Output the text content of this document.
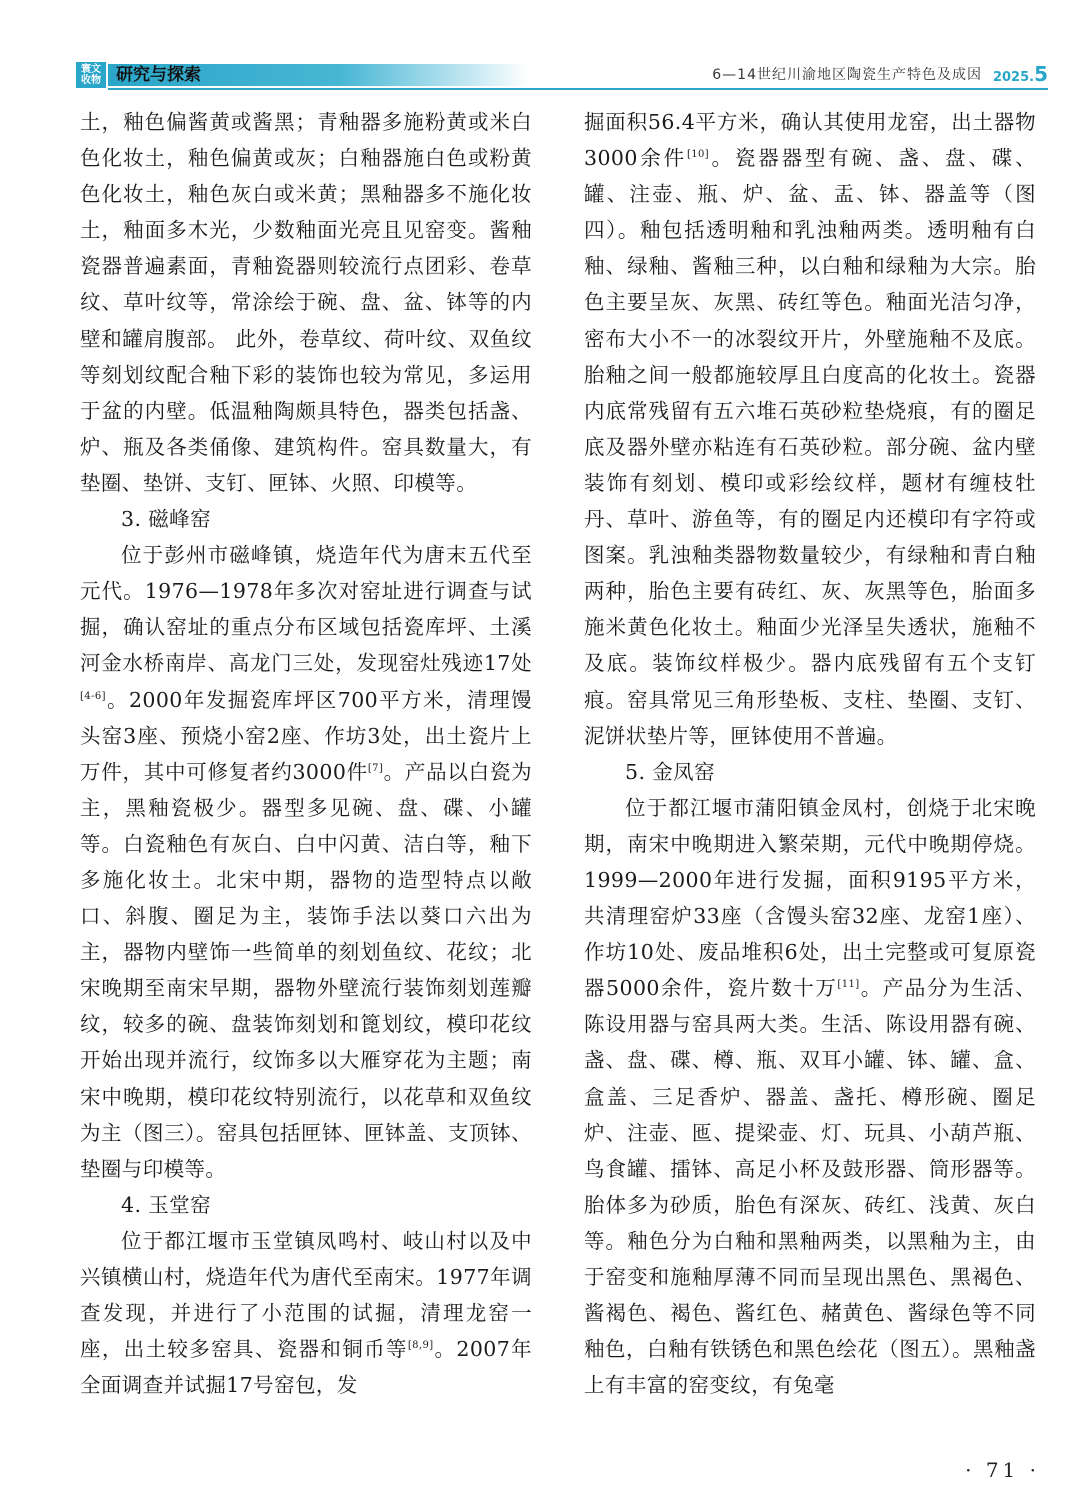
寰文
收物 研究与探索	6—14世纪川渝地区陶瓷生产特色及成因 2025.5

土，釉色偏酱黄或酱黑；青釉器多施粉黄或米白色化妆土，釉色偏黄或灰；白釉器施白色或粉黄色化妆土，釉色灰白或米黄；黑釉器多不施化妆土，釉面多木光，少数釉面光亮且见窑变。酱釉瓷器普遍素面，青釉瓷器则较流行点团彩、卷草纹、草叶纹等，常涂绘于碗、盘、盆、钵等的内壁和罐肩腹部。 此外，卷草纹、荷叶纹、双鱼纹等刻划纹配合釉下彩的装饰也较为常见，多运用于盆的内壁。低温釉陶颇具特色，器类包括盏、炉、瓶及各类俑像、建筑构件。窑具数量大，有垫圈、垫饼、支钉、匣钵、火照、印模等。

3. 磁峰窑

位于彭州市磁峰镇，烧造年代为唐末五代至元代。1976—1978年多次对窑址进行调查与试掘，确认窑址的重点分布区域包括瓷库坪、土溪河金水桥南岸、高龙门三处，发现窑灶残迹17处[4-6]。2000年发掘瓷库坪区700平方米，清理馒头窑3座、预烧小窑2座、作坊3处，出土瓷片上万件，其中可修复者约3000件[7]。产品以白瓷为主，黑釉瓷极少。器型多见碗、盘、碟、小罐等。白瓷釉色有灰白、白中闪黄、洁白等，釉下多施化妆土。北宋中期，器物的造型特点以敞口、斜腹、圈足为主，装饰手法以葵口六出为主，器物内壁饰一些简单的刻划鱼纹、花纹；北宋晚期至南宋早期，器物外壁流行装饰刻划莲瓣纹，较多的碗、盘装饰刻划和篦划纹，模印花纹开始出现并流行，纹饰多以大雁穿花为主题；南宋中晚期，模印花纹特别流行，以花草和双鱼纹为主（图三）。窑具包括匣钵、匣钵盖、支顶钵、垫圈与印模等。

4. 玉堂窑

位于都江堰市玉堂镇凤鸣村、岐山村以及中兴镇横山村，烧造年代为唐代至南宋。1977年调查发现，并进行了小范围的试掘，清理龙窑一座，出土较多窑具、瓷器和铜币等[8,9]。2007年全面调查并试掘17号窑包，发

掘面积56.4平方米，确认其使用龙窑，出土器物3000余件[10]。瓷器器型有碗、盏、盘、碟、罐、注壶、瓶、炉、盆、盂、钵、器盖等（图四）。釉包括透明釉和乳浊釉两类。透明釉有白釉、绿釉、酱釉三种，以白釉和绿釉为大宗。胎色主要呈灰、灰黑、砖红等色。釉面光洁匀净，密布大小不一的冰裂纹开片，外壁施釉不及底。胎釉之间一般都施较厚且白度高的化妆土。瓷器内底常残留有五六堆石英砂粒垫烧痕，有的圈足底及器外壁亦粘连有石英砂粒。部分碗、盆内壁装饰有刻划、模印或彩绘纹样，题材有缠枝牡丹、草叶、游鱼等，有的圈足内还模印有字符或图案。乳浊釉类器物数量较少，有绿釉和青白釉两种，胎色主要有砖红、灰、灰黑等色，胎面多施米黄色化妆土。釉面少光泽呈失透状，施釉不及底。装饰纹样极少。器内底残留有五个支钉痕。窑具常见三角形垫板、支柱、垫圈、支钉、泥饼状垫片等，匣钵使用不普遍。

5. 金凤窑

位于都江堰市蒲阳镇金凤村，创烧于北宋晚期，南宋中晚期进入繁荣期，元代中晚期停烧。1999—2000年进行发掘，面积9195平方米，共清理窑炉33座（含馒头窑32座、龙窑1座）、作坊10处、废品堆积6处，出土完整或可复原瓷器5000余件，瓷片数十万[11]。产品分为生活、陈设用器与窑具两大类。生活、陈设用器有碗、盏、盘、碟、樽、瓶、双耳小罐、钵、罐、盒、盒盖、三足香炉、器盖、盏托、樽形碗、圈足炉、注壶、匜、提梁壶、灯、玩具、小葫芦瓶、鸟食罐、擂钵、高足小杯及鼓形器、筒形器等。胎体多为砂质，胎色有深灰、砖红、浅黄、灰白等。釉色分为白釉和黑釉两类，以黑釉为主，由于窑变和施釉厚薄不同而呈现出黑色、黑褐色、酱褐色、褐色、酱红色、赭黄色、酱绿色等不同釉色，白釉有铁锈色和黑色绘花（图五）。黑釉盏上有丰富的窑变纹，有兔毫

· 71 ·
